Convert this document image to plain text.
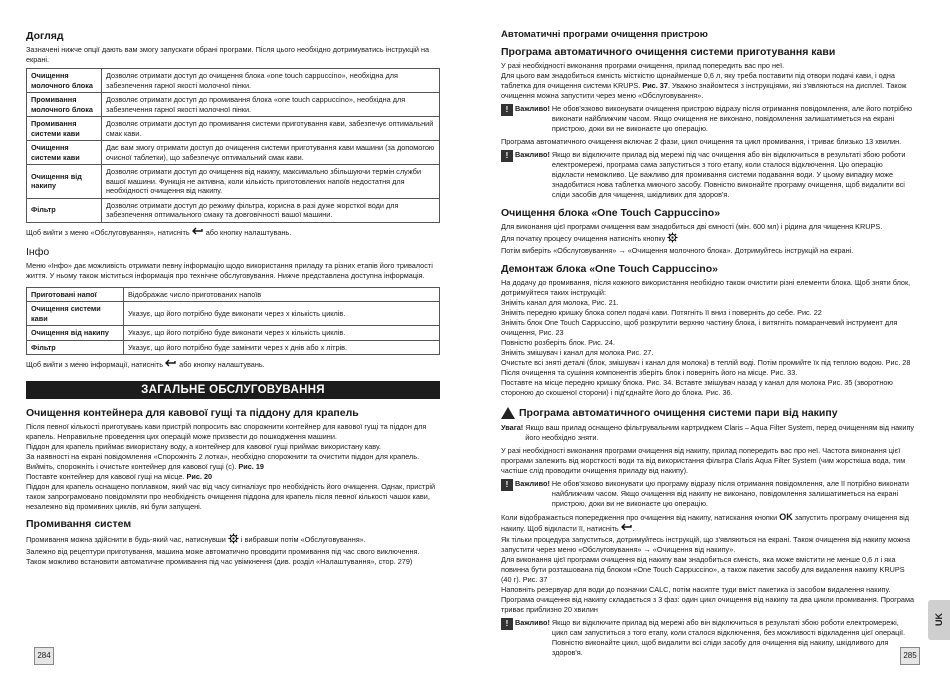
Догляд

Зазначені нижче опції дають вам змогу запускати обрані програми. Після цього необхідно дотримуватись інструкцій на екрані.

Очищення молочного блока	Дозволяє отримати доступ до очищення блока «one touch cappuccino», необхідна для забезпечення гарної якості молочної пінки.
Промивання молочного блока	Дозволяє отримати доступ до промивання блока «one touch cappuccino», необхідна для забезпечення гарної якості молочної пінки.
Промивання системи кави	Дозволяє отримати доступ до промивання системи приготування кави, забезпечує оптимальний смак кави.
Очищення системи кави	Дає вам змогу отримати доступ до очищення системи приготування кави машини (за допомогою очисної таблетки), що забезпечує оптимальний смак кави.
Очищення від накипу	Дозволяє отримати доступ до очищення від накипу, максимально збільшуючи термін служби вашої машини. Функція не активна, коли кількість приготовлених напоїв недостатня для необхідності очищення від накипу.
Фільтр	Дозволяє отримати доступ до режиму фільтра, корисна в разі дуже жорсткої води для забезпечення оптимального смаку та довговічності вашої машини.

Щоб вийти з меню «Обслуговування», натисніть або кнопку налаштувань.

Інфо

Меню «Інфо» дає можливість отримати певну інформацію щодо використання приладу та різних етапів його тривалості життя. У ньому також міститься інформація про технічне обслуговування. Нижче представлена доступна інформація.

Приготовані напої	Відображає число приготованих напоїв
Очищення системи кави	Указує, що його потрібно буде виконати через х кількість циклів.
Очищення від накипу	Указує, що його потрібно буде виконати через х кількість циклів.
Фільтр	Указує, що його потрібно буде замінити через х днів або х літрів.

Щоб вийти з меню інформації, натисніть або кнопку налаштувань.

ЗАГАЛЬНЕ ОБСЛУГОВУВАННЯ
Очищення контейнера для кавової гущі та піддону для крапель

Після певної кількості приготувань кави пристрій попросить вас спорожнити контейнер для кавової гущі та піддон для крапель. Неправильне проведення цих операцій може призвести до пошкодження машини.

Піддон для крапель приймає використану воду, а контейнер для кавової гущі приймає використану каву.

За наявності на екрані повідомлення «Спорожніть 2 лотка», необхідно спорожнити та очистити піддон для крапель. Вийміть, спорожніть і очистьте контейнер для кавової гущі (c). Рис. 19

Поставте контейнер для кавової гущі на місце. Рис. 20

Піддон для крапель оснащено поплавком, який час від часу сигналізує про необхідність його очищення. Однак, пристрій також запрограмовано повідомляти про необхідність очищення піддона для крапель після певної кількості чашок кави, незалежно від промивних циклів, які були запущені.

Промивання систем

Промивання можна здійснити в будь-який час, натиснувши і вибравши потім «Обслуговування».

Залежно від рецептури приготування, машина може автоматично проводити промивання під час свого виключення.

Також можливо встановити автоматичне промивання під час увімкнення (див. розділ «Налаштування», стор. 279)

284
Автоматичні програми очищення пристрою
Програма автоматичного очищення системи приготування кави

У разі необхідності виконання програми очищення, прилад попередить вас про неї.

Для цього вам знадобиться ємність місткістю щонайменше 0,6 л, яку треба поставити під отвори подачі кави, і одна таблетка для очищення системи KRUPS. Рис. 37. Уважно знайомтеся з інструкціями, які з'являються на дисплеї. Також очищення можна запустити через меню «Обслуговування».

! Важливо! Не обов'язково виконувати очищення пристрою відразу після отримання повідомлення, але його потрібно виконати найближчим часом. Якщо очищення не виконано, повідомлення залишатиметься на екрані пристрою, доки ви не виконаєте цю операцію.

Програма автоматичного очищення включає 2 фази, цикл очищення та цикл промивання, і триває близько 13 хвилин.

! Важливо! Якщо ви відключите прилад від мережі під час очищення або він відключиться в результаті збою роботи електромережі, програма сама запуститься з того етапу, коли сталося відключення. Цю операцію відкласти неможливо. Це важливо для промивання системи подавання води. У цьому випадку може знадобитися нова таблетка миючого засобу. Повністю виконайте програму очищення, щоб видалити всі сліди засобів для чищення, шкідливих для здоров'я.
Очищення блока «One Touch Cappuccino»

Для виконання цієї програми очищення вам знадобиться дві ємності (мін. 600 мл) і рідина для чищення KRUPS.

Для початку процесу очищення натисніть кнопку

Потім виберіть «Обслуговування» → «Очищення молочного блока». Дотримуйтесь інструкцій на екрані.

Демонтаж блока «One Touch Cappuccino»

На додачу до промивання, після кожного використання необхідно також очистити різні елементи блока. Щоб зняти блок, дотримуйтеся таких інструкцій:

Зніміть канал для молока, Рис. 21.

Зніміть передню кришку блока сопел подачі кави. Потягніть її вниз і поверніть до себе. Рис. 22

Зніміть блок One Touch Cappuccino, щоб розкрутити верхню частину блока, і витягніть помаранчевий інструмент для очищення, Рис. 23

Повністю розберіть блок. Рис. 24.

Зніміть змішувач і канал для молока Рис. 27.

Очистьте всі знятi деталі (блок, змішувач і канал для молока) в теплій воді. Потім промийте їх під теплою водою. Рис. 28

Після очищення та сушіння компонентів зберіть блок і поверніть його на місце. Рис. 33.

Поставте на місце передню кришку блока. Рис. 34. Вставте змішувач назад у канал для молока Рис. 35 (зворотною стороною до скошеної сторони) і під'єднайте його до блока. Рис. 36.

Програма автоматичного очищення системи пари від накипу
Увага! Якщо ваш прилад оснащено фільтрувальним картриджем Claris – Aqua Filter System, перед очищенням від накипу його необхідно зняти.

У разі необхідності виконання програми очищення від накипу, прилад попередить вас про неї. Частота виконання цієї програми залежить від жорсткості води та від використання фільтра Claris Aqua Filter System (чим жорсткіша вода, тим частіше слід проводити очищення приладу від накипу).

! Важливо! Не обов'язково виконувати цю програму відразу після отримання повідомлення, але її потрібно виконати найближчим часом. Якщо очищення від накипу не виконано, повідомлення залишатиметься на екрані пристрою, доки ви не виконаєте цю операцію.

Коли відображається попередження про очищення від накипу, натискання кнопки OK запустить програму очищення від накипу. Щоб відкласти її, натисніть .

Як тільки процедура запуститься, дотримуйтесь інструкцій, що з'являються на екрані. Також очищення від накипу можна запустити через меню «Обслуговування» → «Очищення від накипу».

Для виконання цієї програми очищення від накипу вам знадобиться ємність, яка може вмістити не менше 0,6 л і яка повинна бути розташована під блоком «One Touch Cappuccino», а також пакетик засобу для видалення накипу KRUPS (40 г). Рис. 37

Наповніть резервуар для води до позначки CALC, потім насипте туди вміст пакетика із засобом видалення накипу.

Програма очищення від накипу складається з 3 фаз: один цикл очищення від накипу та два цикли промивання. Програма триває приблизно 20 хвилин

! Важливо! Якщо ви відключите прилад від мережі або він відключиться в результаті збою роботи електромережі, цикл сам запуститься з того етапу, коли сталося відключення, без можливості відкладення цієї операції. Повністю виконайте цикл, щоб видалити всі сліди засобу для очищення від накипу, шкідливого для здоров'я.	285
UK
